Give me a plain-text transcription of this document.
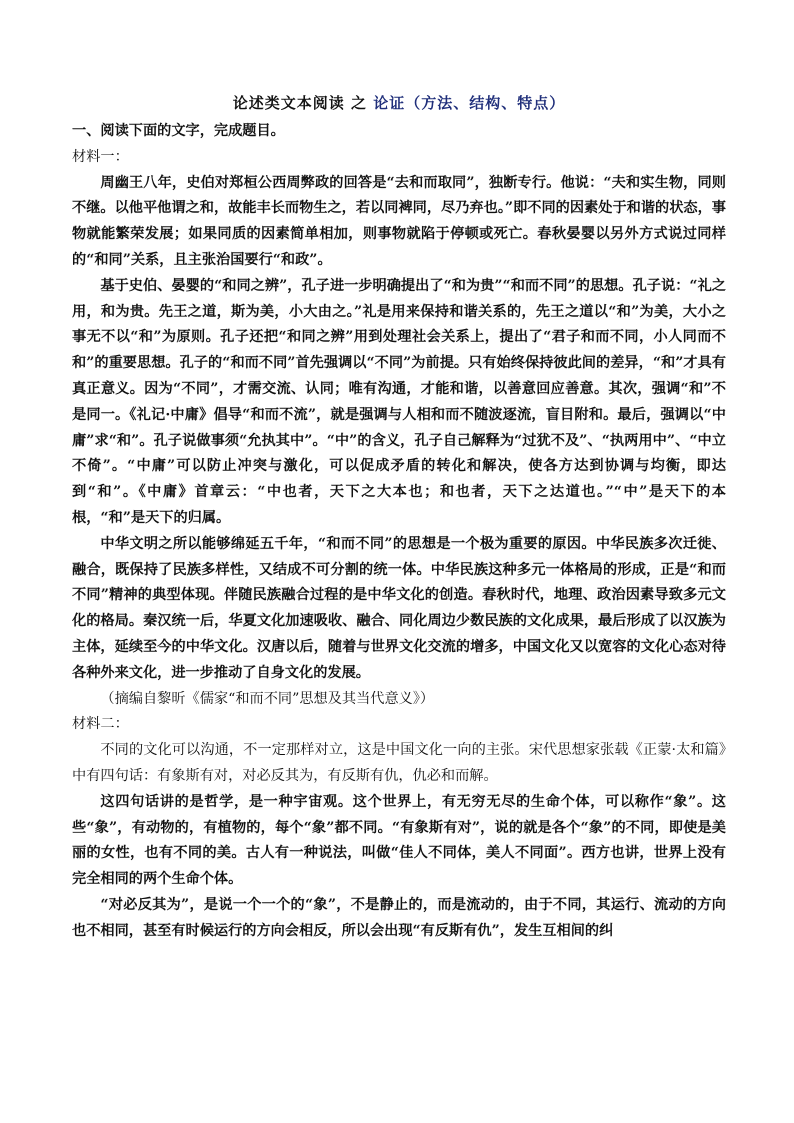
论述类文本阅读 之 论证（方法、结构、特点）

一、阅读下面的文字，完成题目。

材料一：

周幽王八年，史伯对郑桓公西周弊政的回答是“去和而取同”，独断专行。他说：“夫和实生物，同则不继。以他平他谓之和，故能丰长而物生之，若以同裨同，尽乃弃也。”即不同的因素处于和谐的状态，事物就能繁荣发展；如果同质的因素简单相加，则事物就陷于停顿或死亡。春秋晏婴以另外方式说过同样的“和同”关系，且主张治国要行“和政”。

基于史伯、晏婴的“和同之辨”，孔子进一步明确提出了“和为贵”“和而不同”的思想。孔子说：“礼之用，和为贵。先王之道，斯为美，小大由之。”礼是用来保持和谐关系的，先王之道以“和”为美，大小之事无不以“和”为原则。孔子还把“和同之辨”用到处理社会关系上，提出了“君子和而不同，小人同而不和”的重要思想。孔子的“和而不同”首先强调以“不同”为前提。只有始终保持彼此间的差异，“和”才具有真正意义。因为“不同”，才需交流、认同；唯有沟通，才能和谐，以善意回应善意。其次，强调“和”不是同一。《礼记·中庸》倡导“和而不流”，就是强调与人相和而不随波逐流，盲目附和。最后，强调以“中庸”求“和”。孔子说做事须“允执其中”。“中”的含义，孔子自己解释为“过犹不及”、“执两用中”、“中立不倚”。“中庸”可以防止冲突与激化，可以促成矛盾的转化和解决，使各方达到协调与均衡，即达到“和”。《中庸》首章云：“中也者，天下之大本也；和也者，天下之达道也。”“中”是天下的本根，“和”是天下的归属。

中华文明之所以能够绵延五千年，“和而不同”的思想是一个极为重要的原因。中华民族多次迁徙、融合，既保持了民族多样性，又结成不可分割的统一体。中华民族这种多元一体格局的形成，正是“和而不同”精神的典型体现。伴随民族融合过程的是中华文化的创造。春秋时代，地理、政治因素导致多元文化的格局。秦汉统一后，华夏文化加速吸收、融合、同化周边少数民族的文化成果，最后形成了以汉族为主体，延续至今的中华文化。汉唐以后，随着与世界文化交流的增多，中国文化又以宽容的文化心态对待各种外来文化，进一步推动了自身文化的发展。

（摘编自黎昕《儒家“和而不同”思想及其当代意义》）

材料二：

不同的文化可以沟通，不一定那样对立，这是中国文化一向的主张。宋代思想家张载《正蒙·太和篇》中有四句话：有象斯有对，对必反其为，有反斯有仇，仇必和而解。

这四句话讲的是哲学，是一种宇宙观。这个世界上，有无穷无尽的生命个体，可以称作“象”。这些“象”，有动物的，有植物的，每个“象”都不同。“有象斯有对”，说的就是各个“象”的不同，即使是美丽的女性，也有不同的美。古人有一种说法，叫做“佳人不同体，美人不同面”。西方也讲，世界上没有完全相同的两个生命个体。

“对必反其为”，是说一个一个的“象”，不是静止的，而是流动的，由于不同，其运行、流动的方向也不相同，甚至有时候运行的方向会相反，所以会出现“有反斯有仇”，发生互相间的纠
